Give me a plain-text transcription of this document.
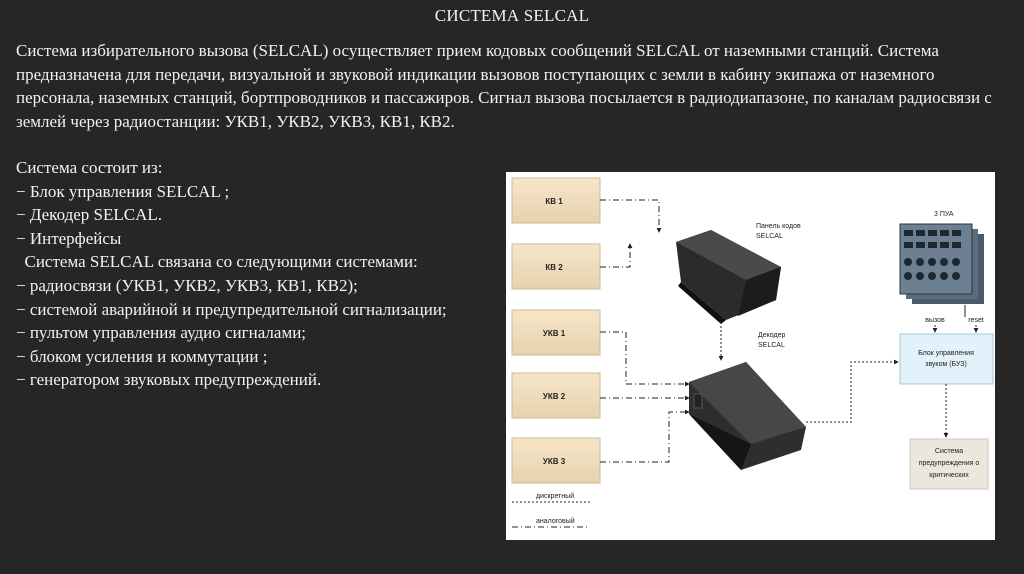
СИСТЕМА SELCAL
Система избирательного вызова (SELCAL) осуществляет прием кодовых сообщений SELCAL от наземными станций. Система предназначена для передачи, визуальной и звуковой индикации вызовов поступающих с земли в кабину экипажа от наземного персонала, наземных станций, бортпроводников и пассажиров. Сигнал вызова посылается в радиодиапазоне, по каналам радиосвязи с землей через радиостанции: УКВ1, УКВ2, УКВ3, КВ1, КВ2.
Система состоит из:
− Блок управления SELCAL ;
− Декодер SELCAL.
− Интерфейсы
Система SELCAL связана со следующими системами:
− радиосвязи (УКВ1, УКВ2, УКВ3, КВ1, КВ2);
− системой аварийной и предупредительной сигнализации;
− пультом управления аудио сигналами;
− блоком усиления и коммутации ;
− генератором звуковых предупреждений.
КВ 1
КВ 2
УКВ 1
УКВ 2
УКВ 3
Панель кодов
SELCAL
Декодер
SELCAL
3 ПУА
вызов	reset
Блок управления
звуком (БУЗ)
Система
предупреждения о
критических
дискретный
аналоговый
